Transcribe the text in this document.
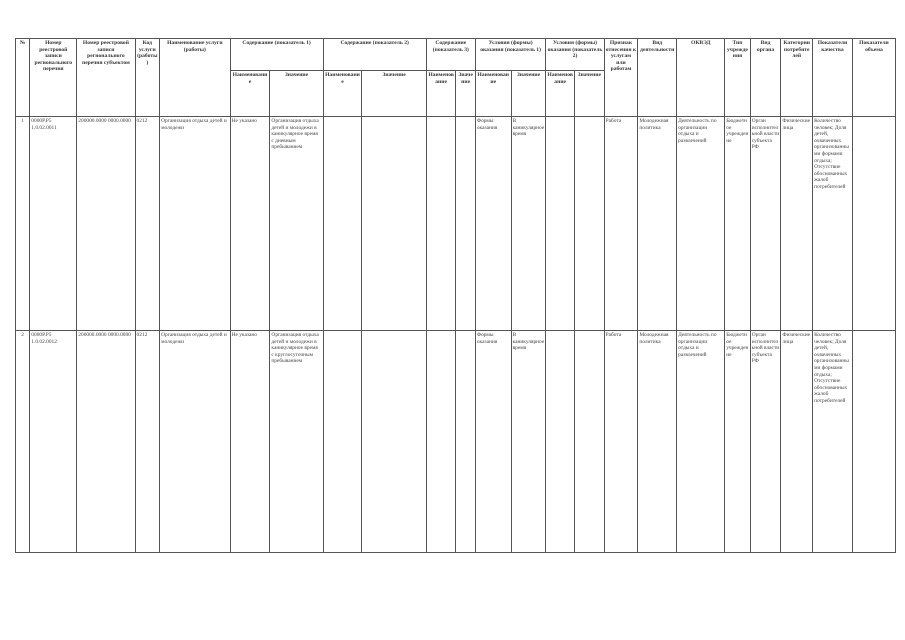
№	Номер реестровой записи регионального перечня	Номер реестровой записи регионального перечня субъектом	Код услуги (работы)	Наименование услуги (работы)	Содержание (показатель 1)		Содержание (показатель 2)		Содержание (показатель 3)		Условия (формы) оказания (показатель 1)		Условия (формы) оказания (показатель 2)		Признак отнесения к услугам или работам	Вид деятельности	ОКВЭД	Тип учреждения	Вид органа	Категории потребителей	Показатели качества	Показатели объема
					Наименование	Значение	Наименование	Значение	Наименование	Значение	Наименование	Значение	Наименование	Значение								
1	0000Р.Р5 1.0.02.0011	200000.0000 0000.0000	0212	Организация отдыха детей и молодежи	Не указано	Организация отдыха детей и молодежи в каникулярное время с дневным пребыванием					Формы оказания	В каникулярное время			Работа	Молодежная политика	Деятельность по организации отдыха и развлечений	Бюджетное учреждение	Орган исполнительной власти субъекта РФ	Физические лица	Количество человек; Доля детей, охваченных организованными формами отдыха; Отсутствие обоснованных жалоб потребителей	
2	0000Р.Р5 1.0.02.0012	200000.0000 0000.0000	0212	Организация отдыха детей и молодежи	Не указано	Организация отдыха детей и молодежи в каникулярное время с круглосуточным пребыванием					Формы оказания	В каникулярное время			Работа	Молодежная политика	Деятельность по организации отдыха и развлечений	Бюджетное учреждение	Орган исполнительной власти субъекта РФ	Физические лица	Количество человек; Доля детей, охваченных организованными формами отдыха; Отсутствие обоснованных жалоб потребителей	
